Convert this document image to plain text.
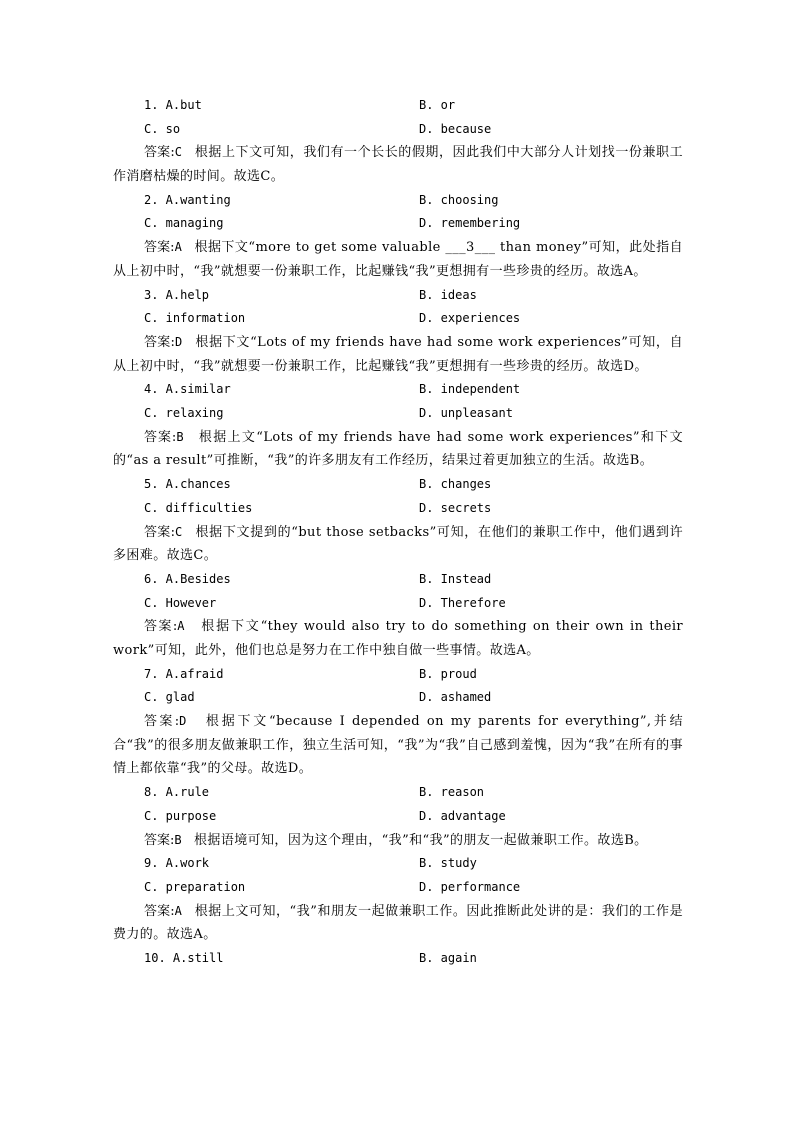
1. A.but	B. or
C. so	D. because
答案:C 根据上下文可知，我们有一个长长的假期，因此我们中大部分人计划找一份兼职工作消磨枯燥的时间。故选C。
2. A.wanting	B. choosing
C. managing	D. remembering
答案:A 根据下文“more to get some valuable ___3___ than money”可知，此处指自从上初中时，“我”就想要一份兼职工作，比起赚钱“我”更想拥有一些珍贵的经历。故选A。
3. A.help	B. ideas
C. information	D. experiences
答案:D 根据下文“Lots of my friends have had some work experiences”可知，自从上初中时，“我”就想要一份兼职工作，比起赚钱“我”更想拥有一些珍贵的经历。故选D。
4. A.similar	B. independent
C. relaxing	D. unpleasant
答案:B 根据上文“Lots of my friends have had some work experiences”和下文的“as a result”可推断，“我”的许多朋友有工作经历，结果过着更加独立的生活。故选B。
5. A.chances	B. changes
C. difficulties	D. secrets
答案:C 根据下文提到的“but those setbacks”可知，在他们的兼职工作中，他们遇到许多困难。故选C。
6. A.Besides	B. Instead
C. However	D. Therefore
答案:A 根据下文“they would also try to do something on their own in their work”可知，此外，他们也总是努力在工作中独自做一些事情。故选A。
7. A.afraid	B. proud
C. glad	D. ashamed
答案:D 根据下文“because I depended on my parents for everything”,并结合“我”的很多朋友做兼职工作，独立生活可知，“我”为“我”自己感到羞愧，因为“我”在所有的事情上都依靠“我”的父母。故选D。
8. A.rule	B. reason
C. purpose	D. advantage
答案:B 根据语境可知，因为这个理由，“我”和“我”的朋友一起做兼职工作。故选B。
9. A.work	B. study
C. preparation	D. performance
答案:A 根据上文可知，“我”和朋友一起做兼职工作。因此推断此处讲的是：我们的工作是费力的。故选A。
10. A.still	B. again
